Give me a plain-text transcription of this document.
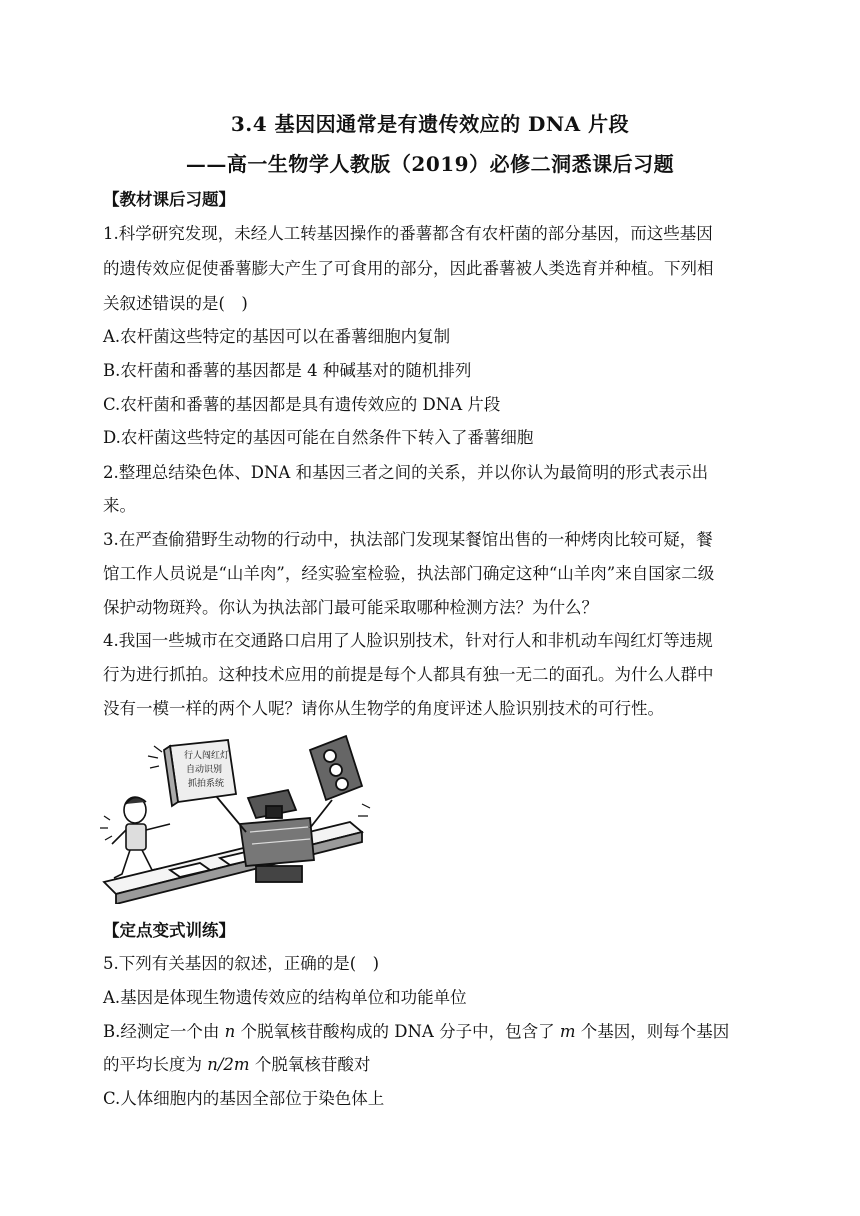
3.4 基因因通常是有遗传效应的 DNA 片段
——高一生物学人教版（2019）必修二洞悉课后习题
【教材课后习题】
1.科学研究发现，未经人工转基因操作的番薯都含有农杆菌的部分基因，而这些基因
的遗传效应促使番薯膨大产生了可食用的部分，因此番薯被人类选育并种植。下列相
关叙述错误的是(　)
A.农杆菌这些特定的基因可以在番薯细胞内复制
B.农杆菌和番薯的基因都是 4 种碱基对的随机排列
C.农杆菌和番薯的基因都是具有遗传效应的 DNA 片段
D.农杆菌这些特定的基因可能在自然条件下转入了番薯细胞
2.整理总结染色体、DNA 和基因三者之间的关系，并以你认为最简明的形式表示出
来。
3.在严查偷猎野生动物的行动中，执法部门发现某餐馆出售的一种烤肉比较可疑，餐
馆工作人员说是“山羊肉”，经实验室检验，执法部门确定这种“山羊肉”来自国家二级
保护动物斑羚。你认为执法部门最可能采取哪种检测方法？为什么？
4.我国一些城市在交通路口启用了人脸识别技术，针对行人和非机动车闯红灯等违规
行为进行抓拍。这种技术应用的前提是每个人都具有独一无二的面孔。为什么人群中
没有一模一样的两个人呢？请你从生物学的角度评述人脸识别技术的可行性。
行人闯红灯
自动识别
抓拍系统
【定点变式训练】
5.下列有关基因的叙述，正确的是(　)
A.基因是体现生物遗传效应的结构单位和功能单位
B.经测定一个由 n 个脱氧核苷酸构成的 DNA 分子中，包含了 m 个基因，则每个基因
的平均长度为 n/2m 个脱氧核苷酸对
C.人体细胞内的基因全部位于染色体上
